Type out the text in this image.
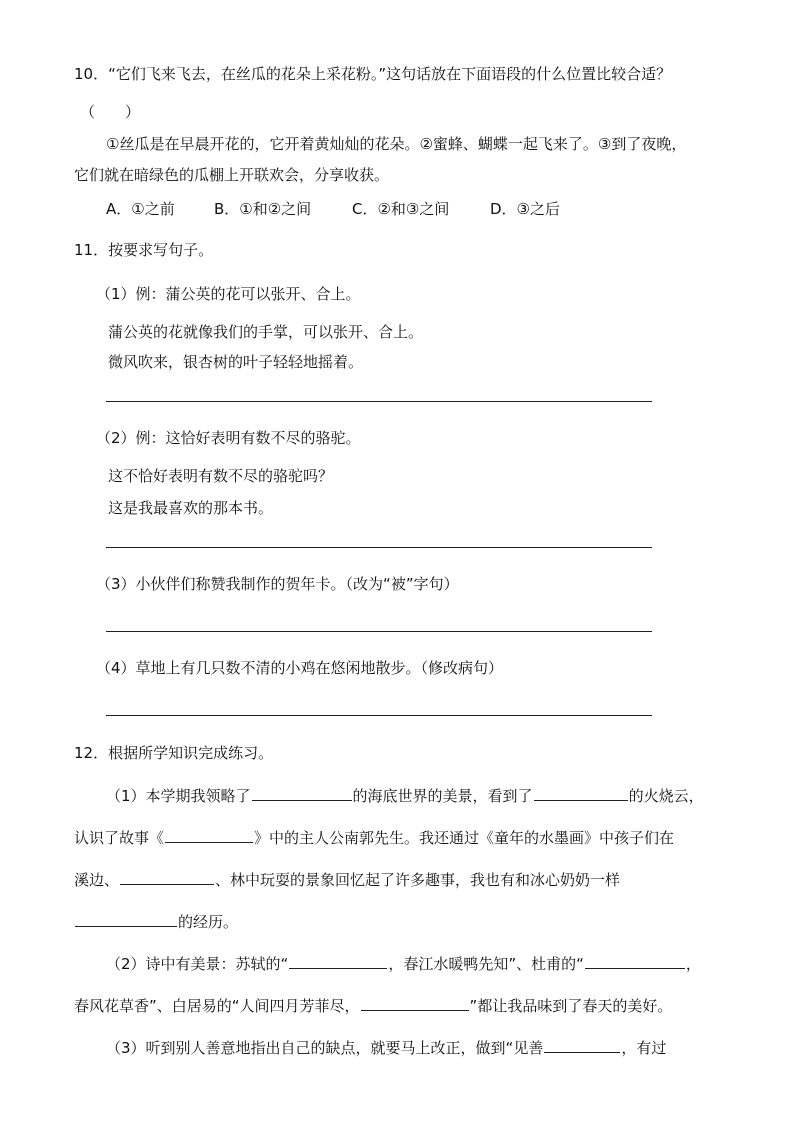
10．“它们飞来飞去，在丝瓜的花朵上采花粉。”这句话放在下面语段的什么位置比较合适？
（　　）
①丝瓜是在早晨开花的，它开着黄灿灿的花朵。②蜜蜂、蝴蝶一起飞来了。③到了夜晚，
它们就在暗绿色的瓜棚上开联欢会，分享收获。
A．①之前	B．①和②之间	C．②和③之间	D．③之后
11．按要求写句子。
（1）例：蒲公英的花可以张开、合上。
蒲公英的花就像我们的手掌，可以张开、合上。
微风吹来，银杏树的叶子轻轻地摇着。
（2）例：这恰好表明有数不尽的骆驼。
这不恰好表明有数不尽的骆驼吗？
这是我最喜欢的那本书。
（3）小伙伴们称赞我制作的贺年卡。（改为“被”字句）
（4）草地上有几只数不清的小鸡在悠闲地散步。（修改病句）
12．根据所学知识完成练习。
（1）本学期我领略了	的海底世界的美景，看到了	的火烧云，
认识了故事《	》中的主人公南郭先生。我还通过《童年的水墨画》中孩子们在
溪边、	、林中玩耍的景象回忆起了许多趣事，我也有和冰心奶奶一样
的经历。
（2）诗中有美景：苏轼的“	，春江水暖鸭先知”、杜甫的“	，
春风花草香”、白居易的“人间四月芳菲尽，	”都让我品味到了春天的美好。
（3）听到别人善意地指出自己的缺点，就要马上改正，做到“见善	，有过
